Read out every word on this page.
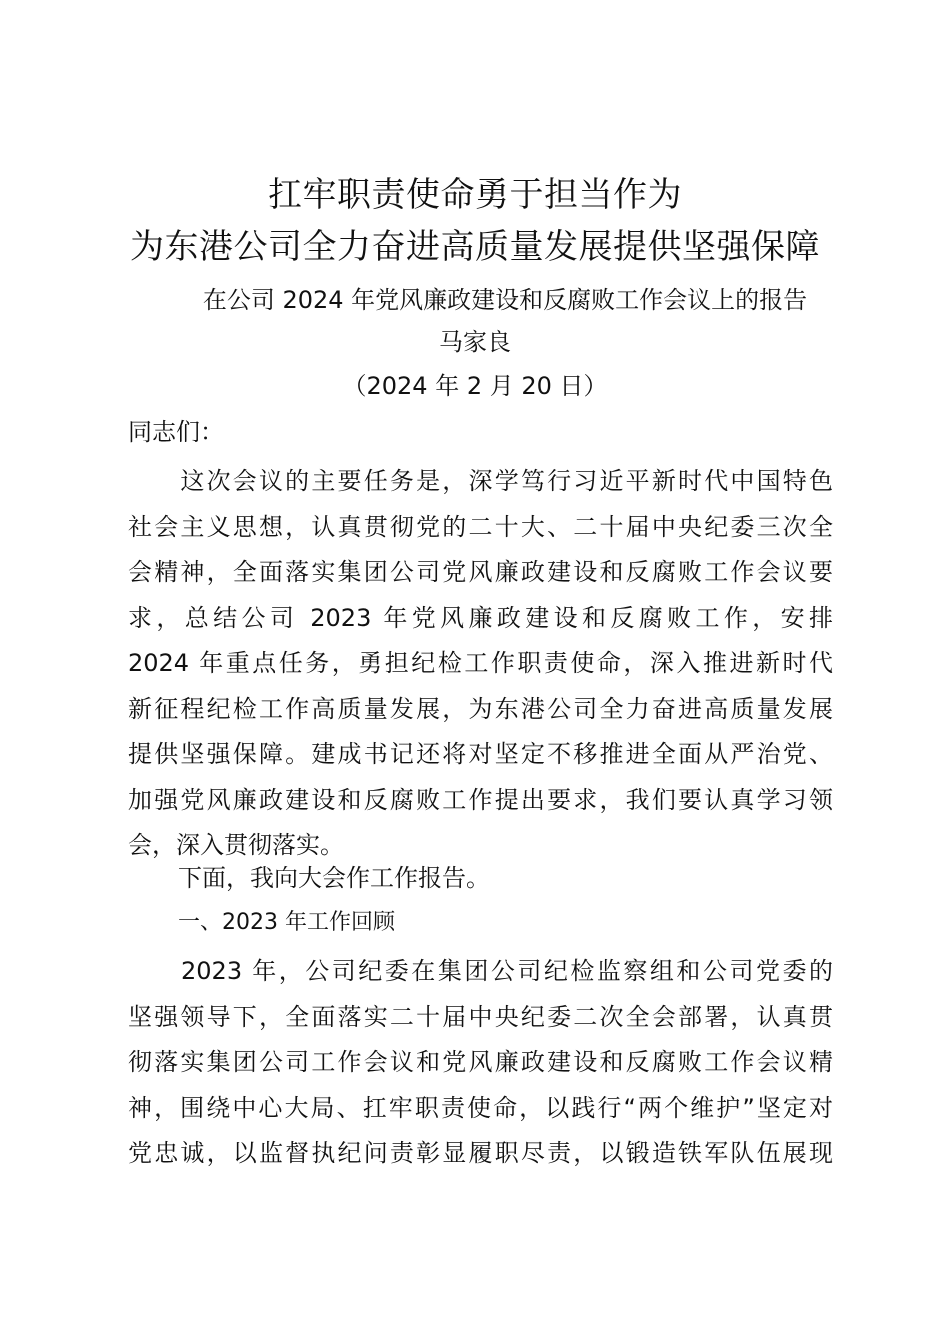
扛牢职责使命勇于担当作为
为东港公司全力奋进高质量发展提供坚强保障
在公司 2024 年党风廉政建设和反腐败工作会议上的报告
马家良
（2024 年 2 月 20 日）
同志们：
　　这次会议的主要任务是，深学笃行习近平新时代中国特色
社会主义思想，认真贯彻党的二十大、二十届中央纪委三次全
会精神，全面落实集团公司党风廉政建设和反腐败工作会议要
求，总结公司 2023 年党风廉政建设和反腐败工作，安排
2024 年重点任务，勇担纪检工作职责使命，深入推进新时代
新征程纪检工作高质量发展，为东港公司全力奋进高质量发展
提供坚强保障。建成书记还将对坚定不移推进全面从严治党、
加强党风廉政建设和反腐败工作提出要求，我们要认真学习领
会，深入贯彻落实。
下面，我向大会作工作报告。
一、2023 年工作回顾
　　2023 年，公司纪委在集团公司纪检监察组和公司党委的
坚强领导下，全面落实二十届中央纪委二次全会部署，认真贯
彻落实集团公司工作会议和党风廉政建设和反腐败工作会议精
神，围绕中心大局、扛牢职责使命，以践行“两个维护”坚定对
党忠诚，以监督执纪问责彰显履职尽责，以锻造铁军队伍展现
